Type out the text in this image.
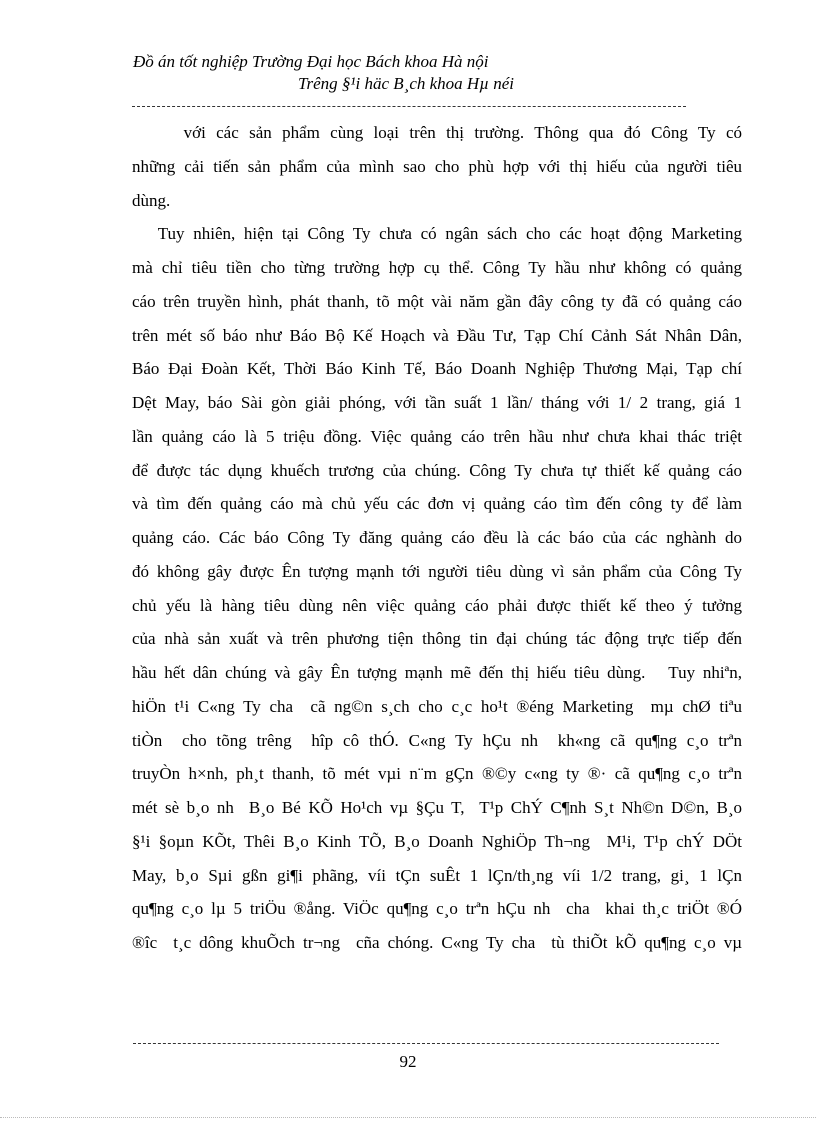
Đồ án tốt nghiệp Trường Đại học Bách khoa Hà nội
Trêng §¹i häc B¸ch khoa Hµ néi
với các sản phẩm cùng loại trên thị trường. Thông qua đó Công Ty có
những cải tiến sản phẩm của mình sao cho phù hợp với thị hiếu của người tiêu
dùng.
Tuy nhiên, hiện tại Công Ty chưa có ngân sách cho các hoạt động Marketing
mà chỉ tiêu tiền cho từng trường hợp cụ thể. Công Ty hầu như không có quảng
cáo trên truyền hình, phát thanh, tõ một vài năm gần đây công ty đã có quảng cáo
trên mét số báo như Báo Bộ Kế Hoạch và Đầu Tư, Tạp Chí Cảnh Sát Nhân Dân,
Báo Đại Đoàn Kết, Thời Báo Kinh Tế, Báo Doanh Nghiệp Thương Mại, Tạp chí
Dệt May, báo Sài gòn giải phóng, với tần suất 1 lần/ tháng với 1/ 2 trang, giá 1
lần quảng cáo là 5 triệu đồng. Việc quảng cáo trên hầu như chưa khai thác triệt
để được tác dụng khuếch trương của chúng. Công Ty chưa tự thiết kế quảng cáo
và tìm đến quảng cáo mà chủ yếu các đơn vị quảng cáo tìm đến công ty để làm
quảng cáo. Các báo Công Ty đăng quảng cáo đều là các báo của các nghành do
đó không gây được Ên tượng mạnh tới người tiêu dùng vì sản phẩm của Công Ty
chủ yếu là hàng tiêu dùng nên việc quảng cáo phải được thiết kế theo ý tưởng
của nhà sản xuất và trên phương tiện thông tin đại chúng tác động trực tiếp đến
hầu hết dân chúng và gây Ên tượng mạnh mẽ đến thị hiếu tiêu dùng.   Tuy nhiªn,
hiÖn t¹i C«ng Ty cha  cã ng©n s¸ch cho c¸c ho¹t ®éng Marketing  mµ chØ tiªu
tiÒn  cho tõng trêng  hîp cô thÓ. C«ng Ty hÇu nh  kh«ng cã qu¶ng c¸o trªn
truyÒn h×nh, ph¸t thanh, tõ mét vµi n¨m gÇn ®©y c«ng ty ®· cã qu¶ng c¸o trªn
mét sè b¸o nh  B¸o Bé KÕ Ho¹ch vµ §Çu T,  T¹p ChÝ C¶nh S¸t Nh©n D©n, B¸o
§¹i §oµn KÕt, Thêi B¸o Kinh TÕ, B¸o Doanh NghiÖp Th¬ng  M¹i, T¹p chÝ DÖt
May, b¸o Sµi gßn gi¶i phãng, víi tÇn suÊt 1 lÇn/th¸ng víi 1/2 trang, gi¸ 1 lÇn
qu¶ng c¸o lµ 5 triÖu ®ång. ViÖc qu¶ng c¸o trªn hÇu nh  cha  khai th¸c triÖt ®Ó
®îc  t¸c dông khuÕch tr¬ng  cña chóng. C«ng Ty cha  tù thiÕt kÕ qu¶ng c¸o vµ
92
